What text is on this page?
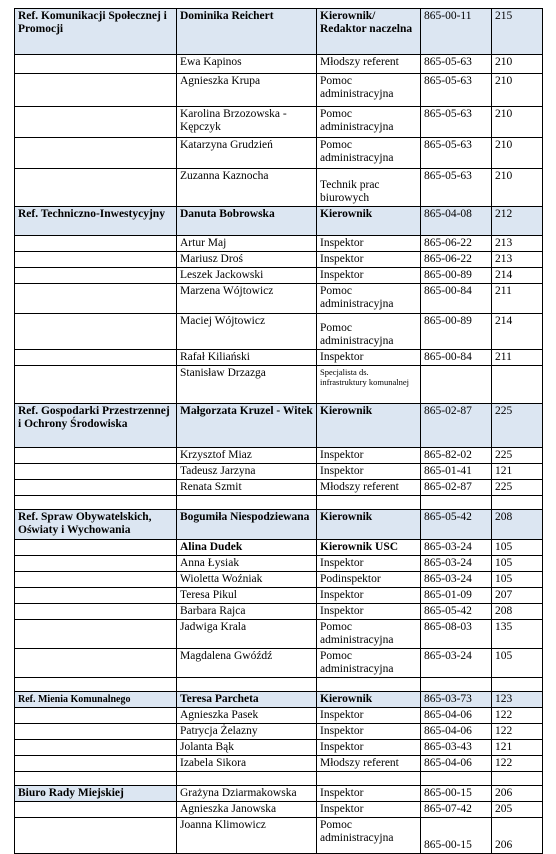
Ref. Komunikacji Społecznej i Promocji	Dominika Reichert	Kierownik/ Redaktor naczelna	865-00-11	215
	Ewa Kapinos	Młodszy referent	865-05-63	210
	Agnieszka Krupa	Pomoc administracyjna	865-05-63	210
	Karolina Brzozowska -Kępczyk	Pomoc administracyjna	865-05-63	210
	Katarzyna Grudzień	Pomoc administracyjna	865-05-63	210
	Zuzanna Kaznocha	Technik prac biurowych	865-05-63	210
Ref. Techniczno-Inwestycyjny	Danuta Bobrowska	Kierownik	865-04-08	212
	Artur Maj	Inspektor	865-06-22	213
	Mariusz Droś	Inspektor	865-06-22	213
	Leszek Jackowski	Inspektor	865-00-89	214
	Marzena Wójtowicz	Pomoc administracyjna	865-00-84	211
	Maciej Wójtowicz	Pomoc administracyjna	865-00-89	214
	Rafał Kiliański	Inspektor	865-00-84	211
	Stanisław Drzazga	Specjalista ds. infrastruktury komunalnej		
Ref. Gospodarki Przestrzennej i Ochrony Środowiska	Małgorzata Kruzel - Witek	Kierownik	865-02-87	225
	Krzysztof Miaz	Inspektor	865-82-02	225
	Tadeusz Jarzyna	Inspektor	865-01-41	121
	Renata Szmit	Młodszy referent	865-02-87	225

Ref. Spraw Obywatelskich, Oświaty i Wychowania	Bogumiła Niespodziewana	Kierownik	865-05-42	208
	Alina Dudek	Kierownik USC	865-03-24	105
	Anna Łysiak	Inspektor	865-03-24	105
	Wioletta Woźniak	Podinspektor	865-03-24	105
	Teresa Pikul	Inspektor	865-01-09	207
	Barbara Rajca	Inspektor	865-05-42	208
	Jadwiga Krala	Pomoc administracyjna	865-08-03	135
	Magdalena Gwóźdź	Pomoc administracyjna	865-03-24	105

Ref. Mienia Komunalnego	Teresa Parcheta	Kierownik	865-03-73	123
	Agnieszka Pasek	Inspektor	865-04-06	122
	Patrycja Żelazny	Inspektor	865-04-06	122
	Jolanta Bąk	Inspektor	865-03-43	121
	Izabela Sikora	Młodszy referent	865-04-06	122

Biuro Rady Miejskiej	Grażyna Dziarmakowska	Inspektor	865-00-15	206
	Agnieszka Janowska	Inspektor	865-07-42	205
	Joanna Klimowicz	Pomoc administracyjna	865-00-15	206
